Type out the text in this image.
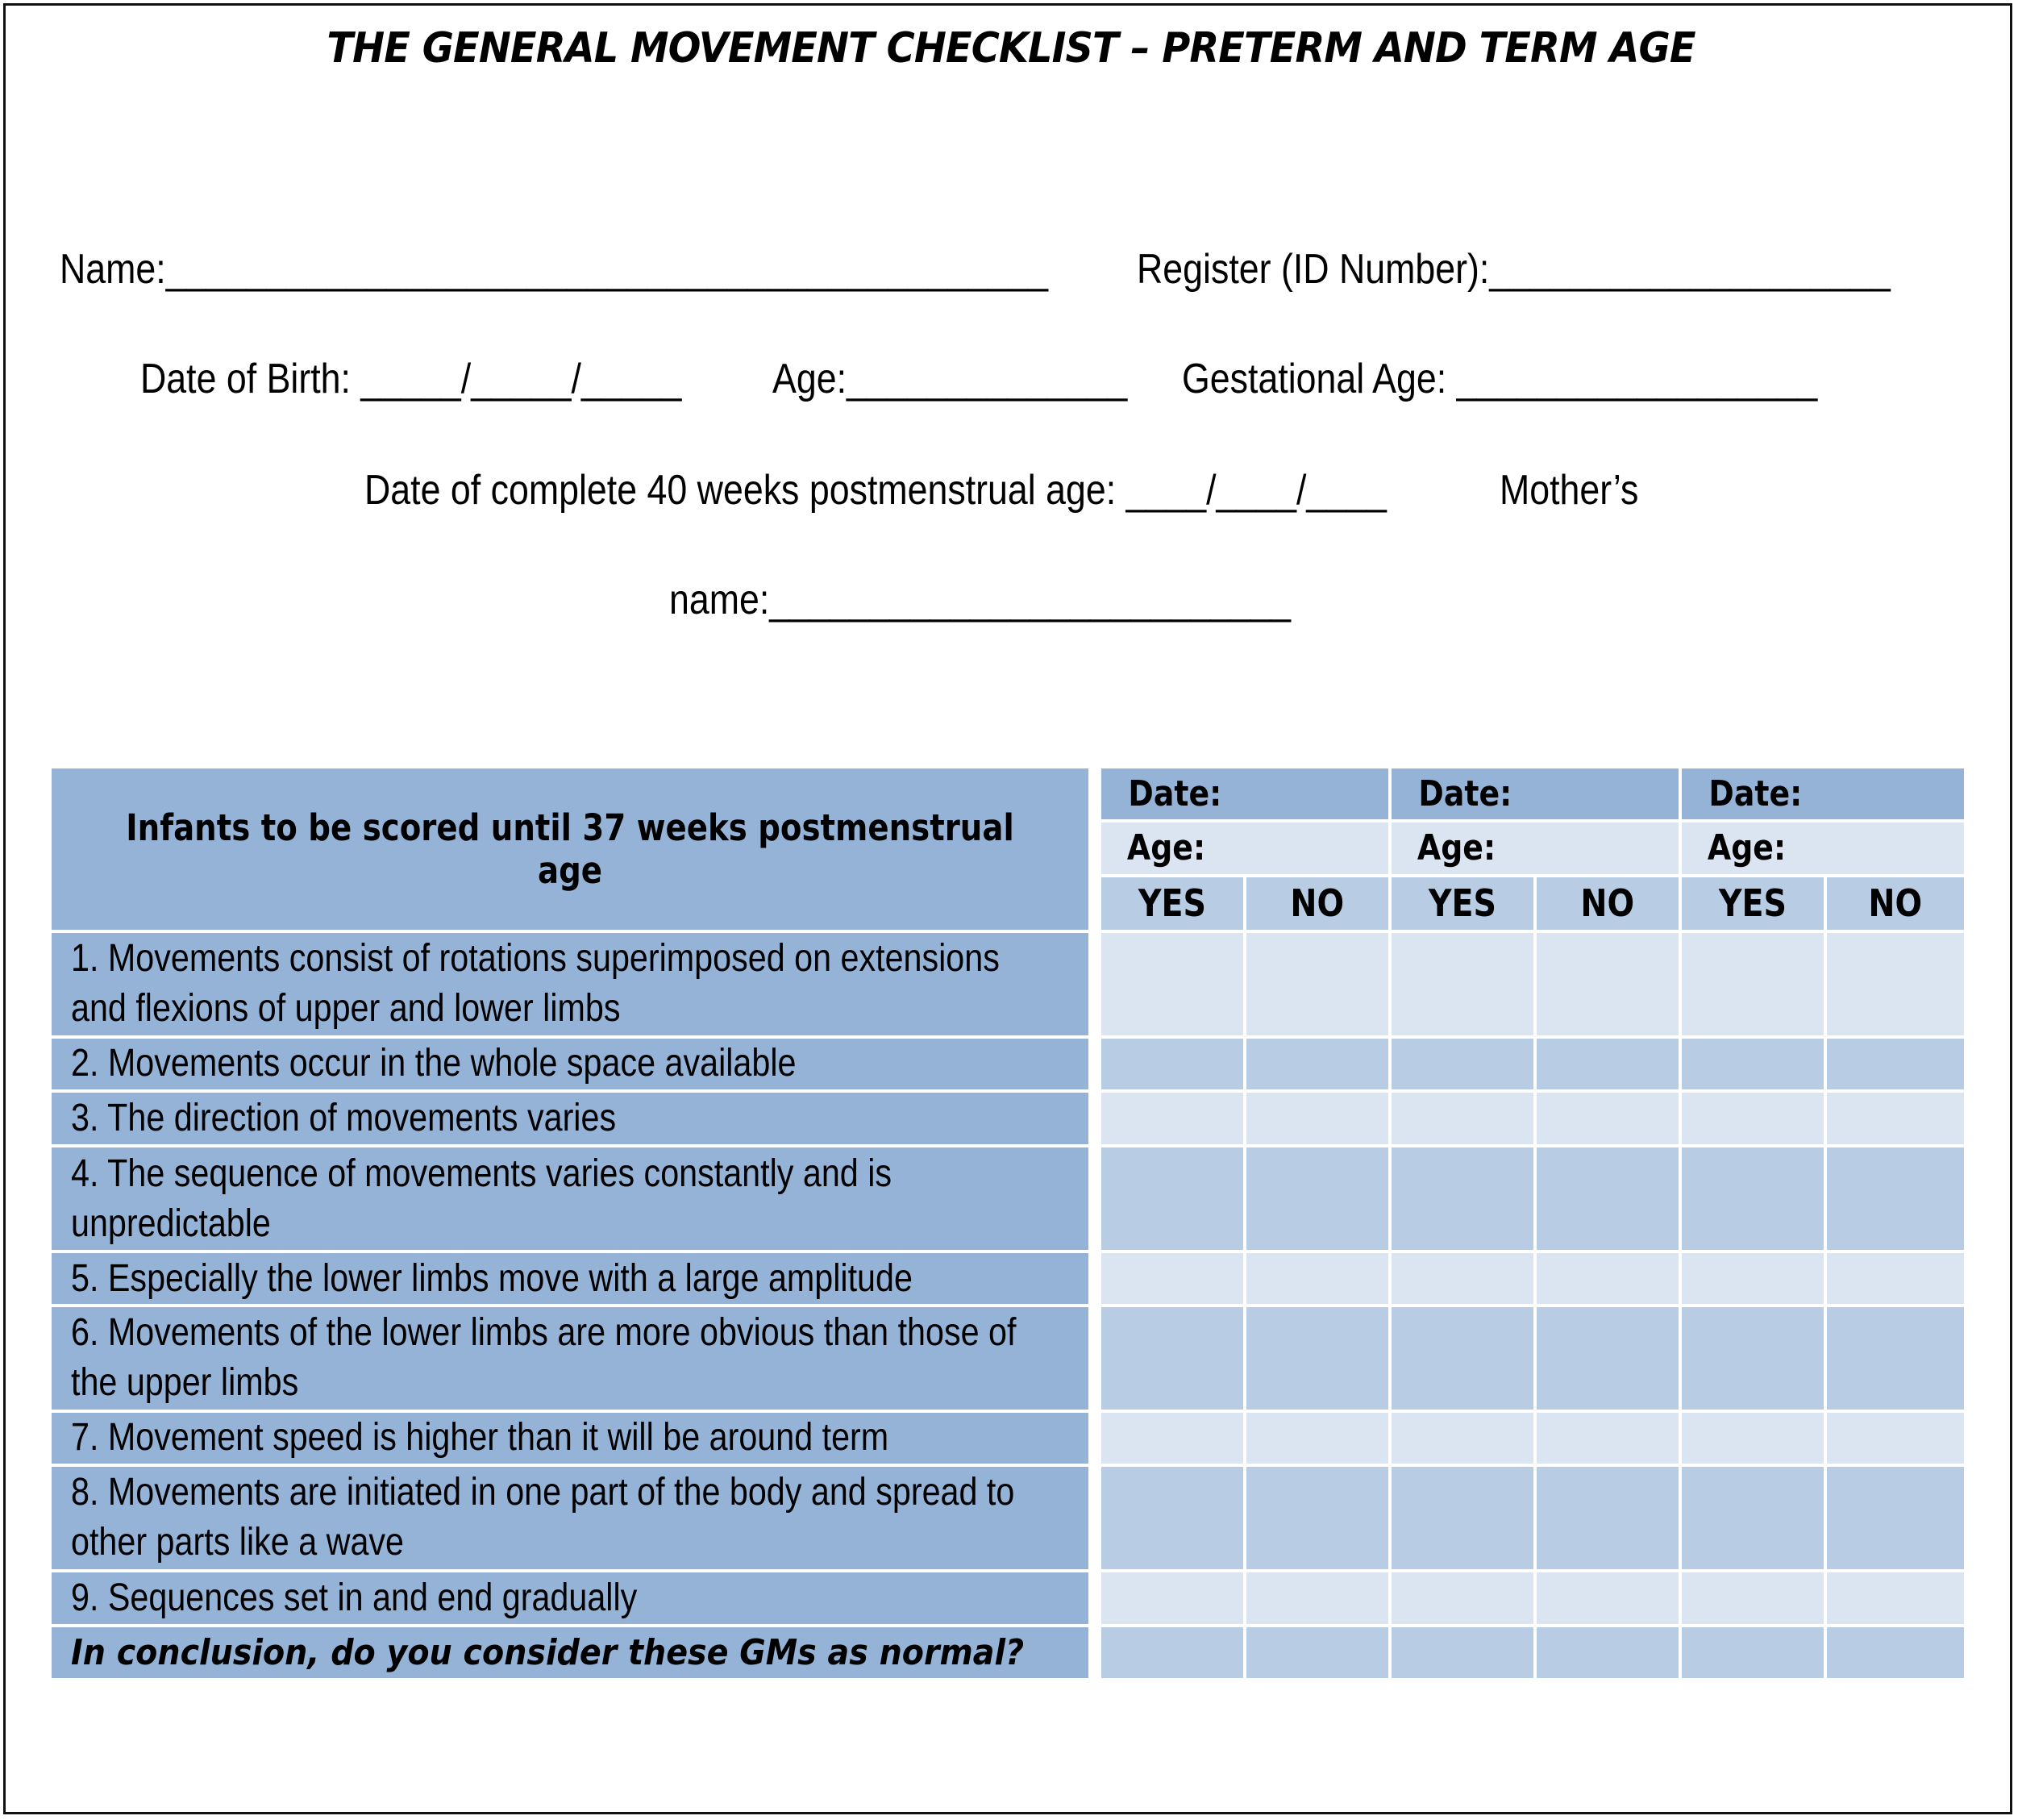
THE GENERAL MOVEMENT CHECKLIST – PRETERM AND TERM AGE
Name:____________________________________________ Register (ID Number):____________________
Date of Birth: _____/_____/_____ Age:______________ Gestational Age: __________________
Date of complete 40 weeks postmenstrual age: ____/____/____	Mother’s
name:__________________________
Infants to be scored until 37 weeks postmenstrual age		Date:		Date:		Date:	
		Age:		Age:		Age:	
		YES	NO	YES	NO	YES	NO
1. Movements consist of rotations superimposed on extensions and flexions of upper and lower limbs							
2. Movements occur in the whole space available							
3. The direction of movements varies							
4. The sequence of movements varies constantly and is unpredictable							
5. Especially the lower limbs move with a large amplitude							
6. Movements of the lower limbs are more obvious than those of the upper limbs							
7. Movement speed is higher than it will be around term							
8. Movements are initiated in one part of the body and spread to other parts like a wave							
9. Sequences set in and end gradually							
In conclusion, do you consider these GMs as normal?							
